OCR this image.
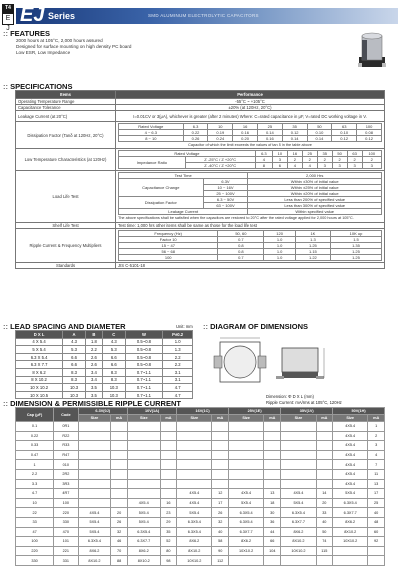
T4
E J
EJ Series	SMD ALUMINUM ELECTROLYTIC CAPACITORS
:: FEATURES
2000 hours at 105°C, 2,000 hours assured
Designed for surface mounting on high density PC board
Low ESR, Low Impedance
:: SPECIFICATIONS
Items	Performance
Operating Temperature Range	-55°C ~ +105°C
Capacitance Tolerance	±20% (at 120Hz, 20°C)
Leakage Current (at 20°C)	I=0.01CV or 3(μA), whichever is greater (after 2 minutes) Where: C=rated capacitance in μF, V=rated DC working voltage in V.
Dissipation Factor (Tanδ at 120Hz, 20°C)	
Rated Voltage	6.3	10	16	25	35	50	63	100
4 ~ 6.3	0.22	0.19	0.16	0.14	0.12	0.10	0.10	0.08
8 ~ 10	0.26	0.24	0.20	0.16	0.14	0.14	0.12	0.12
Capacitor of which the limit exceeds the values of tan δ in the table above

Low Temperature Characteristics (at 120Hz)	
Rated Voltage	6.3	10	16	25	35	50	63	100
Impedance Ratio	Z -25°C / Z +20°C	4	3	2	2	2	2	2	2
Z -40°C / Z +20°C	8	6	4	4	3	3	3	3

Load Life Test	
Test Time	2,000 Hrs
Capacitance Change	6.3V	Within ±30% of initial value
10 ~ 16V	Within ±25% of initial value
25 ~ 100V	Within ±20% of initial value
Dissipation Factor	6.3 ~ 50V	Less than 200% of specified value
63 ~ 100V	Less than 300% of specified value
Leakage Current	Within specified value
The above specifications shall be satisfied when the capacitors are restored to 20°C after the rated voltage applied for 2,000 hours at 105°C.

Shelf Life Test	Test time: 1,000 hrs other items shall be same as those for the load life test
Ripple Current & Frequency Multipliers	
Frequency (Hz)	50, 60	120	1K	10K up
Factor 10	0.7	1.0	1.3	1.5
15 ~ 47	0.8	1.0	1.25	1.35
56 ~ 68	0.8	1.0	1.15	1.25
100	0.7	1.0	1.22	1.25

Standards	JIS C-5101-18
:: LEAD SPACING AND DIAMETER	Unit: mm
D X L	A	B	C	W	P±0.2
4 X 5.4	4.3	1.8	4.3	0.5~0.8	1.0
5 X 5.4	5.3	2.2	5.3	0.5~0.8	1.3
6.3 X 5.4	6.6	2.6	6.6	0.5~0.8	2.2
6.3 X 7.7	6.6	2.6	6.6	0.5~0.8	2.2
8 X 6.2	8.3	3.4	8.3	0.7~1.1	3.1
8 X 10.2	8.3	3.4	8.3	0.7~1.1	3.1
10 X 10.2	10.3	3.5	10.3	0.7~1.1	4.7
10 X 10.5	10.3	3.5	10.3	0.7~1.1	4.7
:: DIAGRAM OF DIMENSIONS
:: DIMENSION & PERMISSIBLE RIPPLE CURRENT
Dimension: Φ D X L (mm)
Ripple Current: mA/rms at 105°C, 120Hz
Cap (μF)	Code	6.3V(0J)		10V(1A)		16V(1C)		25V(1E)		35V(1V)		50V(1H)	
		Size	mA	Size	mA	Size	mA	Size	mA	Size	mA	Size	mA
0.1	0R1											4X5.4	1
0.22	R22											4X5.4	2
0.33	R33											4X5.4	3
0.47	R47											4X5.4	4
1	010											4X5.4	7
2.2	2R2											4X5.4	11
3.3	3R3											4X5.4	13
4.7	4R7					4X5.4	12	4X5.4	13	4X5.4	14	5X5.4	17
10	100			4X5.4	16	4X5.4	17	5X5.4	18	5X5.4	20	6.3X5.4	25
22	220	4X5.4	20	5X5.4	23	5X5.4	26	6.3X5.4	30	6.3X5.4	33	6.3X7.7	40
33	330	5X5.4	26	5X5.4	29	6.3X5.4	32	6.3X5.4	36	6.3X7.7	40	8X6.2	48
47	470	5X5.4	32	6.3X5.4	35	6.3X5.4	40	6.3X7.7	44	8X6.2	50	8X10.2	60
100	101	6.3X5.4	46	6.3X7.7	52	8X6.2	58	8X6.2	66	8X10.2	74	10X10.2	92
220	221	8X6.2	70	8X6.2	80	8X10.2	90	10X10.2	104	10X10.2	115		
330	331	8X10.2	88	8X10.2	98	10X10.2	112						
